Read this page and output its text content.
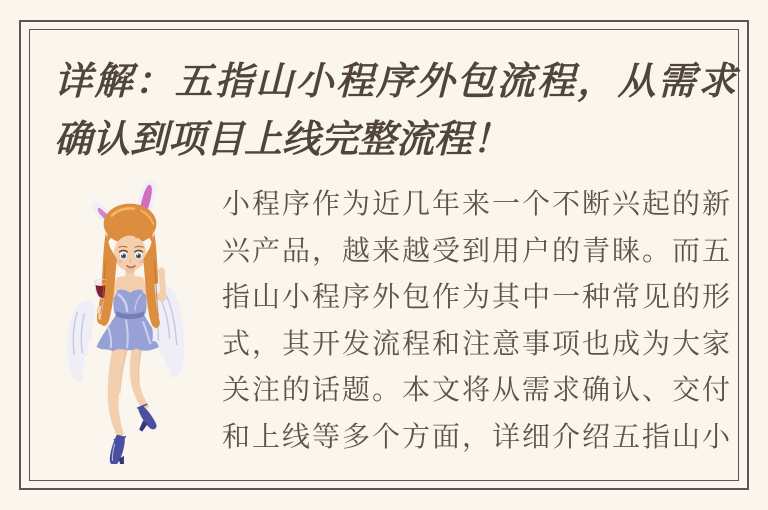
详解：五指山小程序外包流程，从需求
确认到项目上线完整流程！
小程序作为近几年来一个不断兴起的新
兴产品，越来越受到用户的青睐。而五
指山小程序外包作为其中一种常见的形
式，其开发流程和注意事项也成为大家
关注的话题。本文将从需求确认、交付
和上线等多个方面，详细介绍五指山小
